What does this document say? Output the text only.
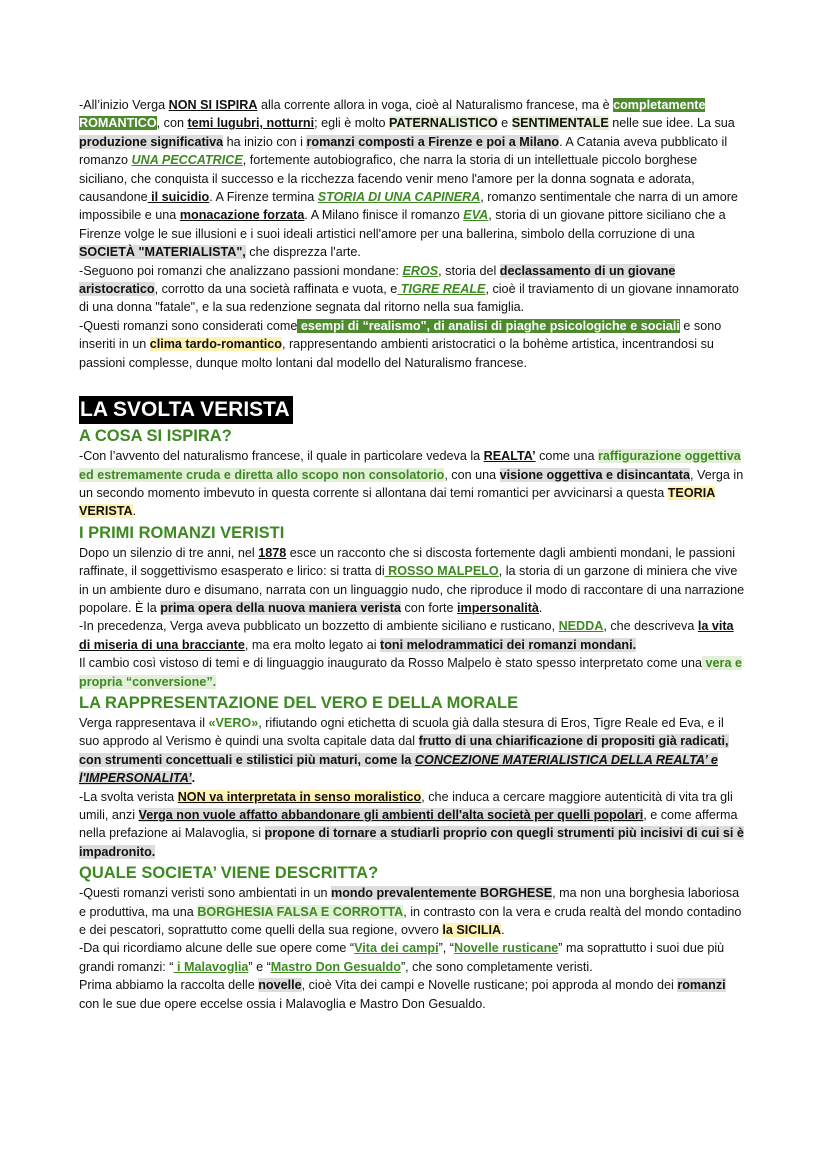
-All’inizio Verga NON SI ISPIRA alla corrente allora in voga, cioè al Naturalismo francese, ma è completamente ROMANTICO, con temi lugubri, notturni; egli è molto PATERNALISTICO e SENTIMENTALE nelle sue idee. La sua produzione significativa ha inizio con i romanzi composti a Firenze e poi a Milano. A Catania aveva pubblicato il romanzo UNA PECCATRICE, fortemente autobiografico, che narra la storia di un intellettuale piccolo borghese siciliano, che conquista il successo e la ricchezza facendo venir meno l'amore per la donna sognata e adorata, causandone il suicidio. A Firenze termina STORIA DI UNA CAPINERA, romanzo sentimentale che narra di un amore impossibile e una monacazione forzata. A Milano finisce il romanzo EVA, storia di un giovane pittore siciliano che a Firenze volge le sue illusioni e i suoi ideali artistici nell'amore per una ballerina, simbolo della corruzione di una SOCIETÀ "MATERIALISTA", che disprezza l'arte.

-Seguono poi romanzi che analizzano passioni mondane: EROS, storia del declassamento di un giovane aristocratico, corrotto da una società raffinata e vuota, e TIGRE REALE, cioè il traviamento di un giovane innamorato di una donna "fatale", e la sua redenzione segnata dal ritorno nella sua famiglia.

-Questi romanzi sono considerati come esempi di “realismo", di analisi di piaghe psicologiche e sociali e sono inseriti in un clima tardo-romantico, rappresentando ambienti aristocratici o la bohème artistica, incentrandosi su passioni complesse, dunque molto lontani dal modello del Naturalismo francese.

LA SVOLTA VERISTA
A COSA SI ISPIRA?

-Con l’avvento del naturalismo francese, il quale in particolare vedeva la REALTA’ come una raffigurazione oggettiva ed estremamente cruda e diretta allo scopo non consolatorio, con una visione oggettiva e disincantata, Verga in un secondo momento imbevuto in questa corrente si allontana dai temi romantici per avvicinarsi a questa TEORIA VERISTA.

I PRIMI ROMANZI VERISTI

Dopo un silenzio di tre anni, nel 1878 esce un racconto che si discosta fortemente dagli ambienti mondani, le passioni raffinate, il soggettivismo esasperato e lirico: si tratta di ROSSO MALPELO, la storia di un garzone di miniera che vive in un ambiente duro e disumano, narrata con un linguaggio nudo, che riproduce il modo di raccontare di una narrazione popolare. È la prima opera della nuova maniera verista con forte impersonalità.

-In precedenza, Verga aveva pubblicato un bozzetto di ambiente siciliano e rusticano, NEDDA, che descriveva la vita di miseria di una bracciante, ma era molto legato ai toni melodrammatici dei romanzi mondani.

Il cambio così vistoso di temi e di linguaggio inaugurato da Rosso Malpelo è stato spesso interpretato come una vera e propria “conversione”.

LA RAPPRESENTAZIONE DEL VERO E DELLA MORALE

Verga rappresentava il «VERO», rifiutando ogni etichetta di scuola già dalla stesura di Eros, Tigre Reale ed Eva, e il suo approdo al Verismo è quindi una svolta capitale data dal frutto di una chiarificazione di propositi già radicati, con strumenti concettuali e stilistici più maturi, come la CONCEZIONE MATERIALISTICA DELLA REALTA’ e l'IMPERSONALITA’.

-La svolta verista NON va interpretata in senso moralistico, che induca a cercare maggiore autenticità di vita tra gli umili, anzi Verga non vuole affatto abbandonare gli ambienti dell'alta società per quelli popolari, e come afferma nella prefazione ai Malavoglia, si propone di tornare a studiarli proprio con quegli strumenti più incisivi di cui si è impadronito.

QUALE SOCIETA’ VIENE DESCRITTA?

-Questi romanzi veristi sono ambientati in un mondo prevalentemente BORGHESE, ma non una borghesia laboriosa e produttiva, ma una BORGHESIA FALSA E CORROTTA, in contrasto con la vera e cruda realtà del mondo contadino e dei pescatori, soprattutto come quelli della sua regione, ovvero la SICILIA.

-Da qui ricordiamo alcune delle sue opere come “Vita dei campi”, “Novelle rusticane” ma soprattutto i suoi due più grandi romanzi: “ i Malavoglia” e “Mastro Don Gesualdo”, che sono completamente veristi.

Prima abbiamo la raccolta delle novelle, cioè Vita dei campi e Novelle rusticane; poi approda al mondo dei romanzi con le sue due opere eccelse ossia i Malavoglia e Mastro Don Gesualdo.
